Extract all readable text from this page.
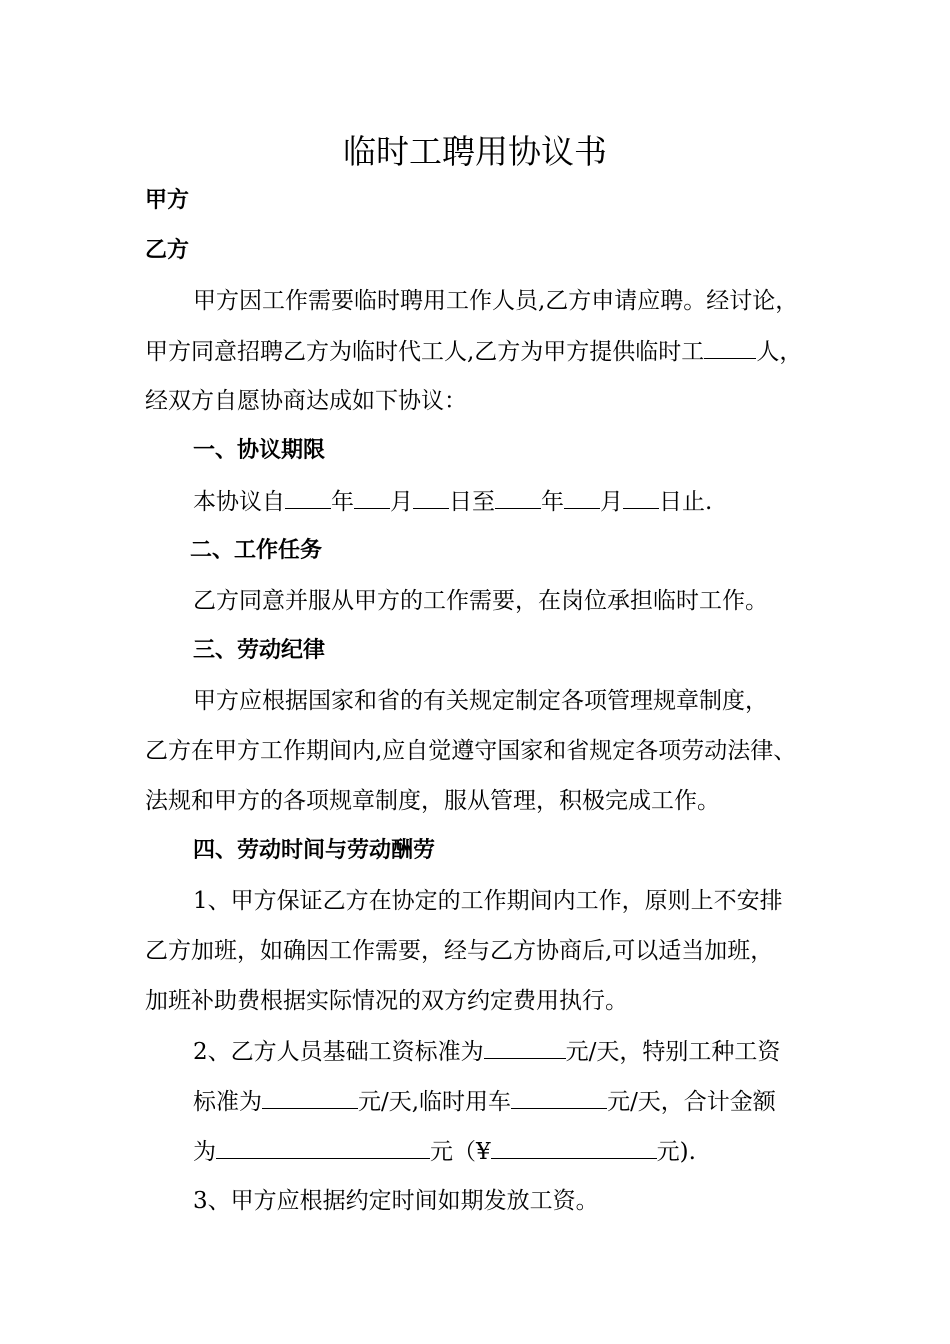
临时工聘用协议书
甲方
乙方
甲方因工作需要临时聘用工作人员,乙方申请应聘。经讨论，
甲方同意招聘乙方为临时代工人,乙方为甲方提供临时工 人，
经双方自愿协商达成如下协议：
一、协议期限
本协议自 年 月 日至 年 月 日止.
二、工作任务
乙方同意并服从甲方的工作需要，在岗位承担临时工作。
三、劳动纪律
甲方应根据国家和省的有关规定制定各项管理规章制度，
乙方在甲方工作期间内,应自觉遵守国家和省规定各项劳动法律、
法规和甲方的各项规章制度，服从管理，积极完成工作。
四、劳动时间与劳动酬劳
1、甲方保证乙方在协定的工作期间内工作，原则上不安排
乙方加班，如确因工作需要，经与乙方协商后,可以适当加班，
加班补助费根据实际情况的双方约定费用执行。
2、乙方人员基础工资标准为	元/天，特别工种工资
标准为	元/天,临时用车	元/天，合计金额
为	元（¥	元).
3、甲方应根据约定时间如期发放工资。
